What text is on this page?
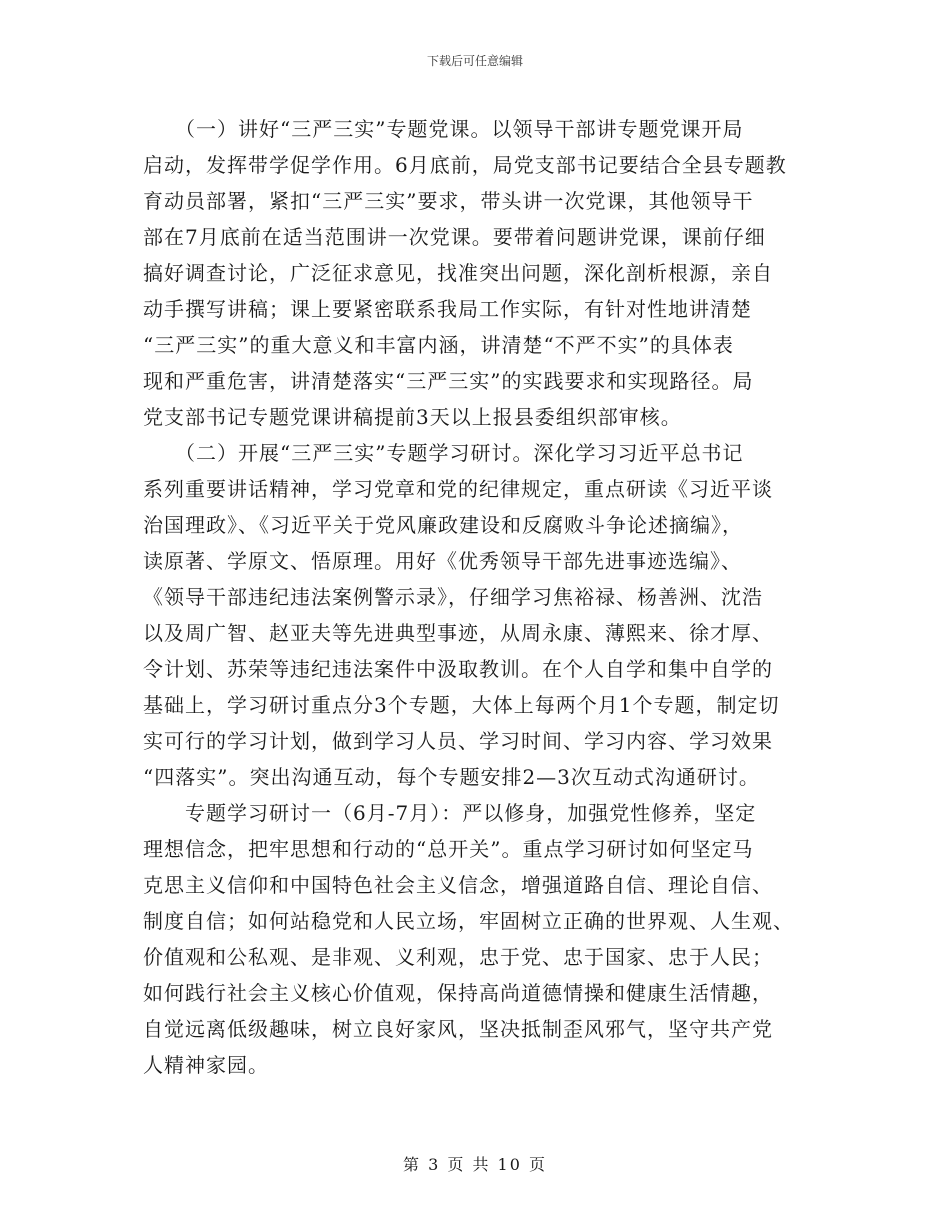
下载后可任意编辑
　　（一）讲好“三严三实”专题党课。以领导干部讲专题党课开局
启动，发挥带学促学作用。6月底前，局党支部书记要结合全县专题教
育动员部署，紧扣“三严三实”要求，带头讲一次党课，其他领导干
部在7月底前在适当范围讲一次党课。要带着问题讲党课，课前仔细
搞好调查讨论，广泛征求意见，找准突出问题，深化剖析根源，亲自
动手撰写讲稿；课上要紧密联系我局工作实际，有针对性地讲清楚
“三严三实”的重大意义和丰富内涵，讲清楚“不严不实”的具体表
现和严重危害，讲清楚落实“三严三实”的实践要求和实现路径。局
党支部书记专题党课讲稿提前3天以上报县委组织部审核。
　　（二）开展“三严三实”专题学习研讨。深化学习习近平总书记
系列重要讲话精神，学习党章和党的纪律规定，重点研读《习近平谈
治国理政》、《习近平关于党风廉政建设和反腐败斗争论述摘编》，
读原著、学原文、悟原理。用好《优秀领导干部先进事迹选编》、
《领导干部违纪违法案例警示录》，仔细学习焦裕禄、杨善洲、沈浩
以及周广智、赵亚夫等先进典型事迹，从周永康、薄熙来、徐才厚、
令计划、苏荣等违纪违法案件中汲取教训。在个人自学和集中自学的
基础上，学习研讨重点分3个专题，大体上每两个月1个专题，制定切
实可行的学习计划，做到学习人员、学习时间、学习内容、学习效果
“四落实”。突出沟通互动，每个专题安排2—3次互动式沟通研讨。
　　专题学习研讨一（6月-7月）：严以修身，加强党性修养，坚定
理想信念，把牢思想和行动的“总开关”。重点学习研讨如何坚定马
克思主义信仰和中国特色社会主义信念，增强道路自信、理论自信、
制度自信；如何站稳党和人民立场，牢固树立正确的世界观、人生观、
价值观和公私观、是非观、义利观，忠于党、忠于国家、忠于人民；
如何践行社会主义核心价值观，保持高尚道德情操和健康生活情趣，
自觉远离低级趣味，树立良好家风，坚决抵制歪风邪气，坚守共产党
人精神家园。
第 3 页 共 10 页
